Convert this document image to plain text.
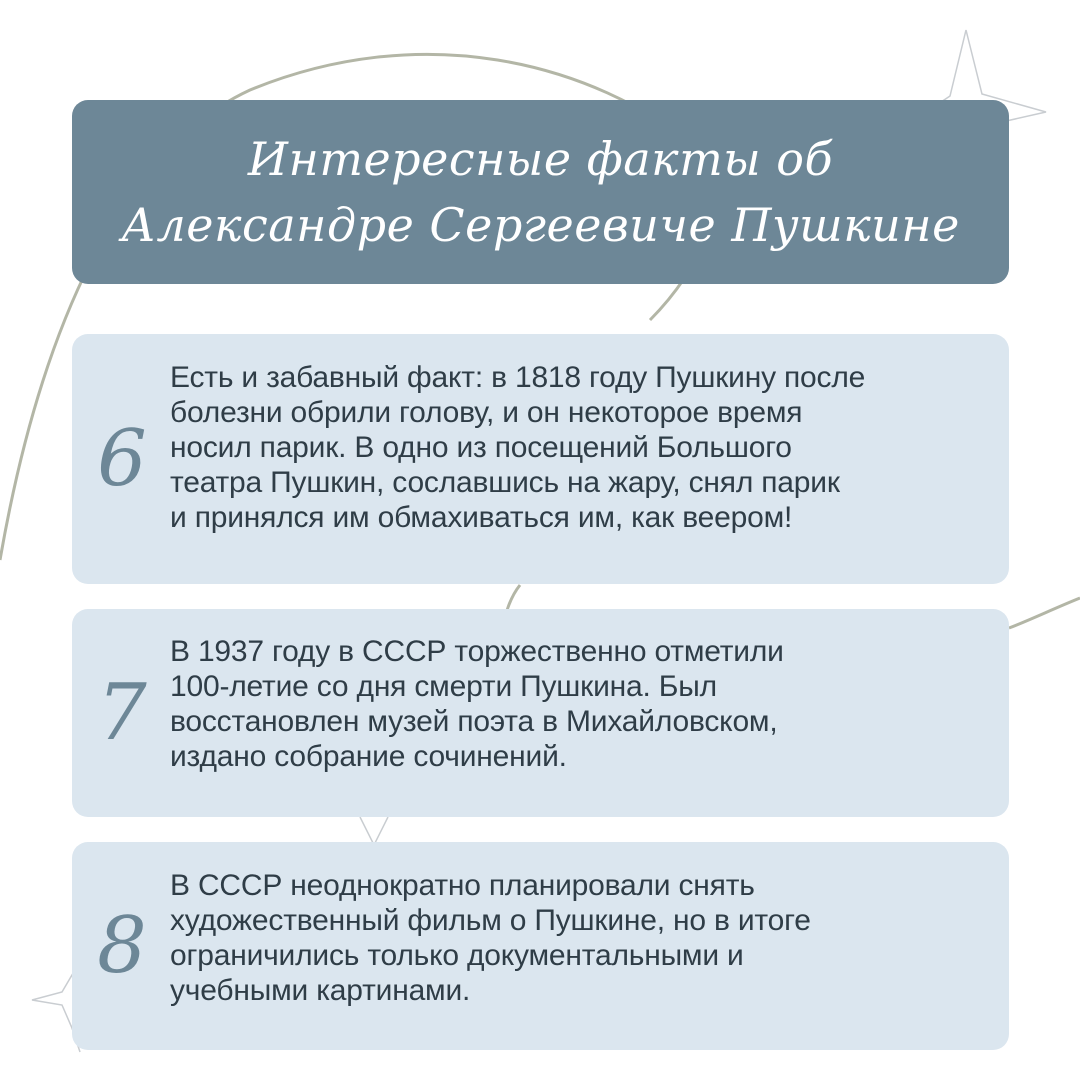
Интересные факты об
Александре Сергеевиче Пушкине
6
Есть и забавный факт: в 1818 году Пушкину после
болезни обрили голову, и он некоторое время
носил парик. В одно из посещений Большого
театра Пушкин, сославшись на жару, снял парик
и принялся им обмахиваться им, как веером!
7
В 1937 году в СССР торжественно отметили
100-летие со дня смерти Пушкина. Был
восстановлен музей поэта в Михайловском,
издано собрание сочинений.
8
В СССР неоднократно планировали снять
художественный фильм о Пушкине, но в итоге
ограничились только документальными и
учебными картинами.
